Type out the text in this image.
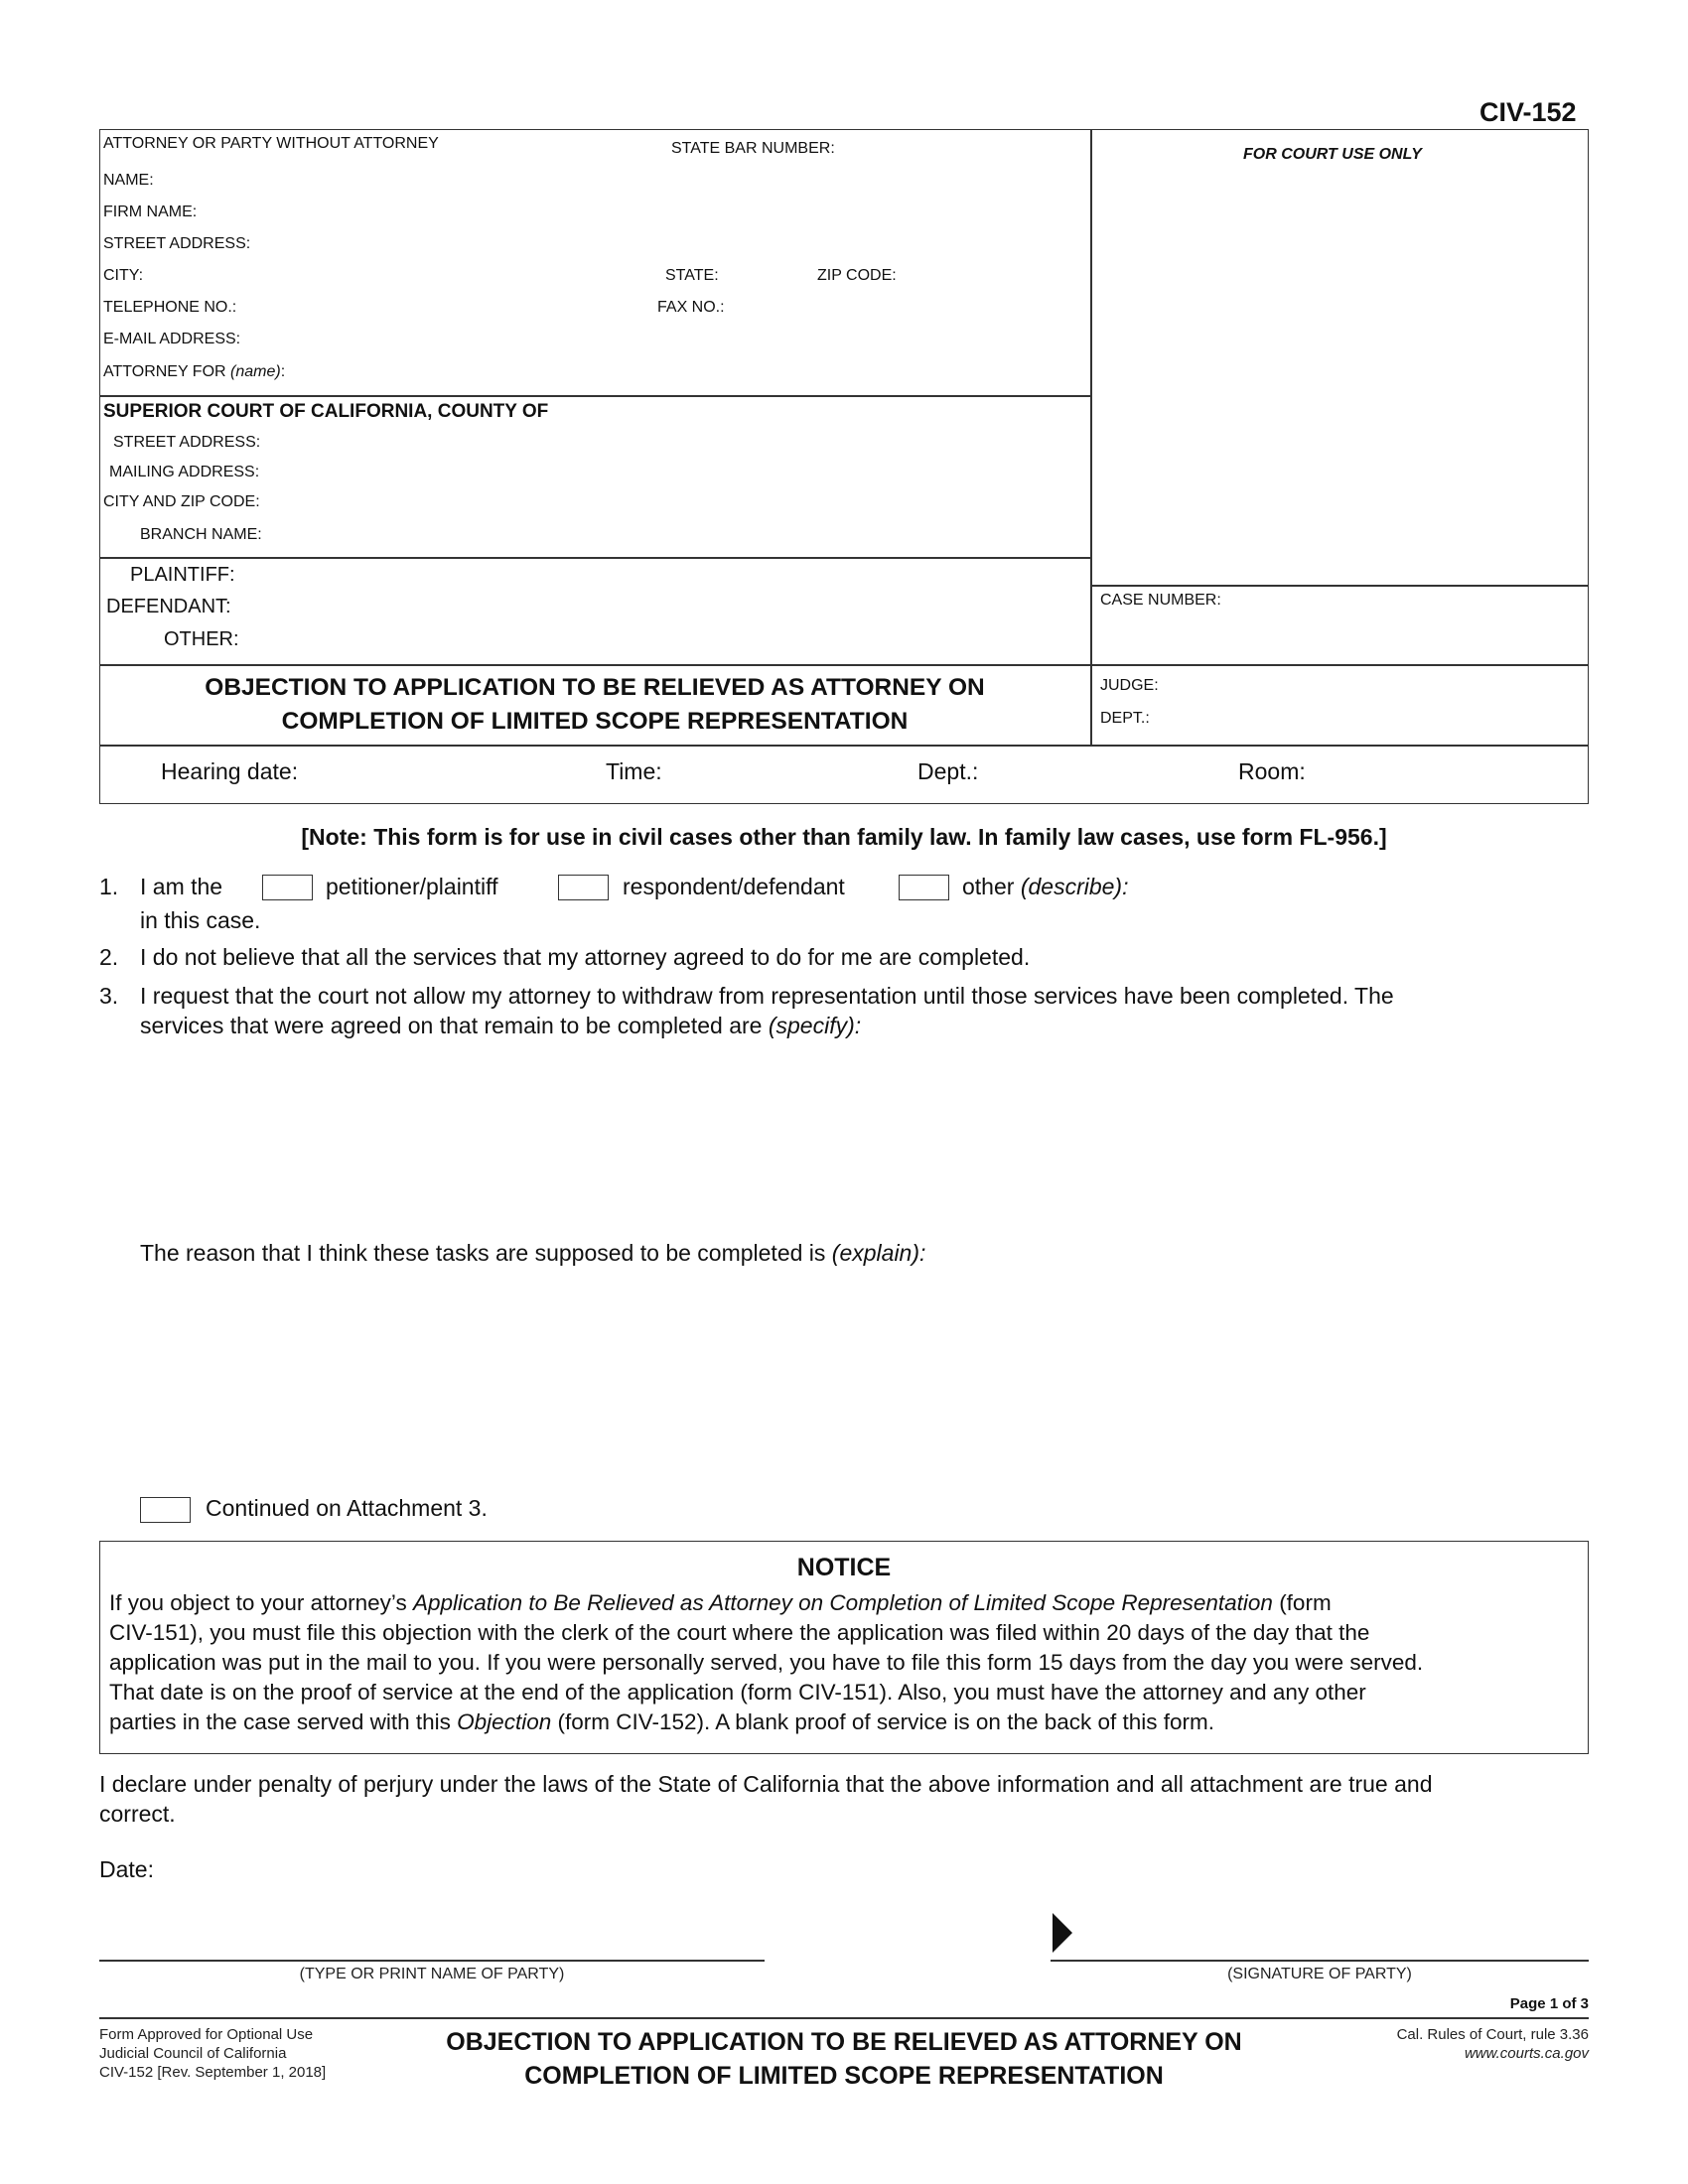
CIV-152
ATTORNEY OR PARTY WITHOUT ATTORNEY	STATE BAR NUMBER:
NAME:
FIRM NAME:
STREET ADDRESS:
CITY:	STATE:	ZIP CODE:
TELEPHONE NO.:	FAX NO.:
E-MAIL ADDRESS:
ATTORNEY FOR (name):
FOR COURT USE ONLY
SUPERIOR COURT OF CALIFORNIA, COUNTY OF
STREET ADDRESS:
MAILING ADDRESS:
CITY AND ZIP CODE:
BRANCH NAME:
PLAINTIFF:
DEFENDANT:
OTHER:
CASE NUMBER:
OBJECTION TO APPLICATION TO BE RELIEVED AS ATTORNEY ON
COMPLETION OF LIMITED SCOPE REPRESENTATION
JUDGE:
DEPT.:
Hearing date:	Time:	Dept.:	Room:
[Note: This form is for use in civil cases other than family law. In family law cases, use form FL-956.]
1. I am the	petitioner/plaintiff	respondent/defendant	other (describe):
in this case.
2. I do not believe that all the services that my attorney agreed to do for me are completed.
3. I request that the court not allow my attorney to withdraw from representation until those services have been completed. The
services that were agreed on that remain to be completed are (specify):
The reason that I think these tasks are supposed to be completed is (explain):
Continued on Attachment 3.
NOTICE
If you object to your attorney’s Application to Be Relieved as Attorney on Completion of Limited Scope Representation (form
CIV-151), you must file this objection with the clerk of the court where the application was filed within 20 days of the day that the
application was put in the mail to you. If you were personally served, you have to file this form 15 days from the day you were served.
That date is on the proof of service at the end of the application (form CIV-151). Also, you must have the attorney and any other
parties in the case served with this Objection (form CIV-152). A blank proof of service is on the back of this form.
I declare under penalty of perjury under the laws of the State of California that the above information and all attachment are true and
correct.
Date:
(TYPE OR PRINT NAME OF PARTY)	(SIGNATURE OF PARTY)
Page 1 of 3
Form Approved for Optional Use
Judicial Council of California
CIV-152 [Rev. September 1, 2018]
OBJECTION TO APPLICATION TO BE RELIEVED AS ATTORNEY ON
COMPLETION OF LIMITED SCOPE REPRESENTATION
Cal. Rules of Court, rule 3.36
www.courts.ca.gov
